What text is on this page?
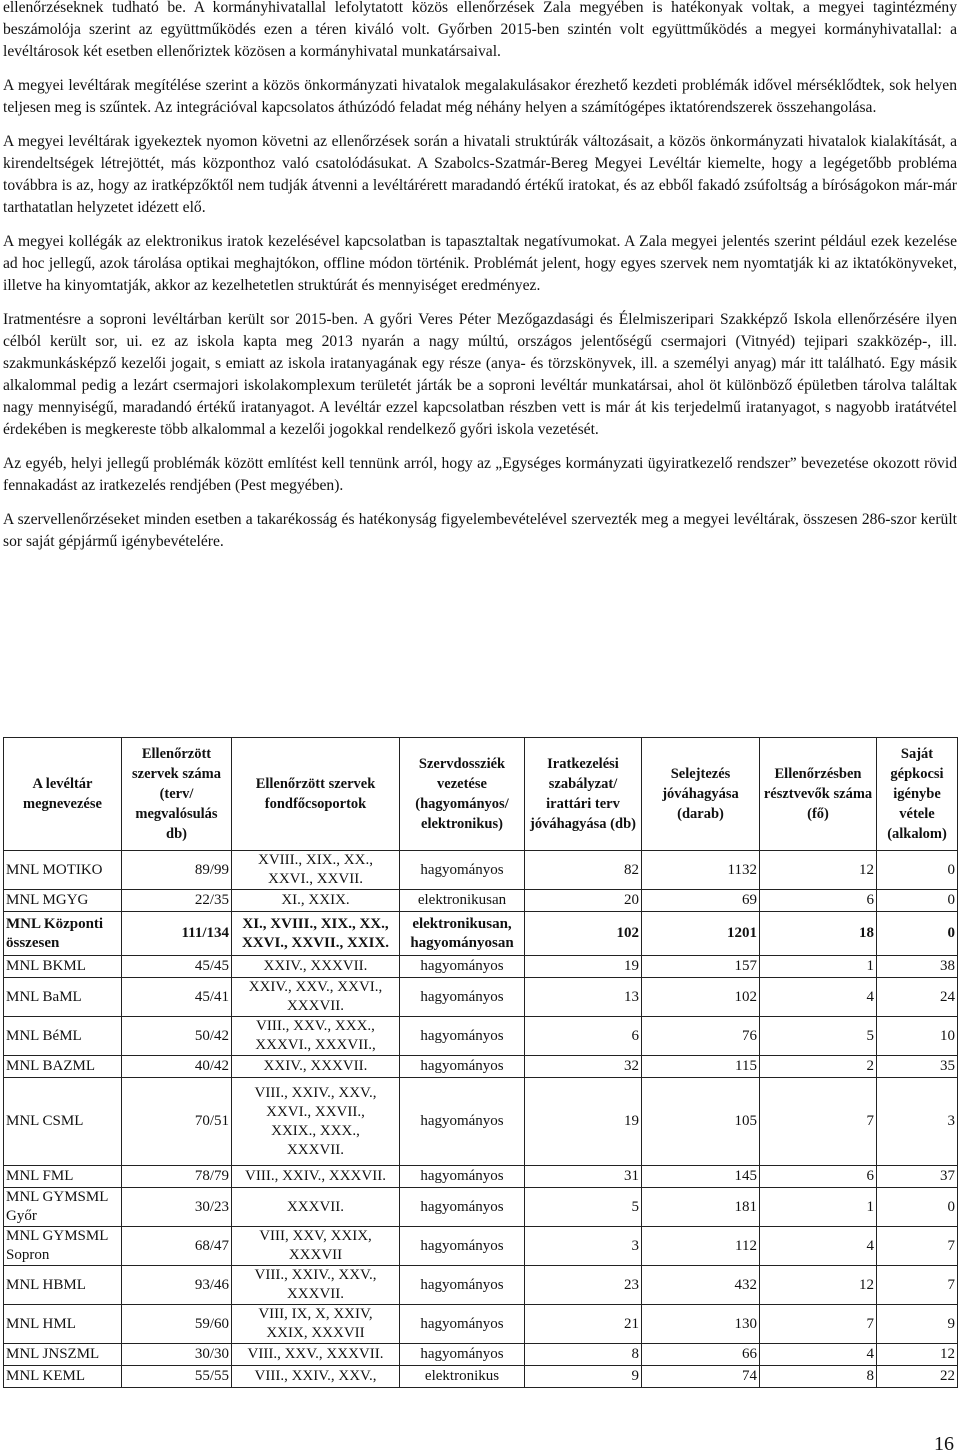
ellenőrzéseknek tudható be. A kormányhivatallal lefolytatott közös ellenőrzések Zala megyében is hatékonyak voltak, a megyei tagintézmény beszámolója szerint az együttműködés ezen a téren kiváló volt. Győrben 2015-ben szintén volt együttműködés a megyei kormányhivatallal: a levéltárosok két esetben ellenőriztek közösen a kormányhivatal munkatársaival.

A megyei levéltárak megítélése szerint a közös önkormányzati hivatalok megalakulásakor érezhető kezdeti problémák idővel mérséklődtek, sok helyen teljesen meg is szűntek. Az integrációval kapcsolatos áthúzódó feladat még néhány helyen a számítógépes iktatórendszerek összehangolása.

A megyei levéltárak igyekeztek nyomon követni az ellenőrzések során a hivatali struktúrák változásait, a közös önkormányzati hivatalok kialakítását, a kirendeltségek létrejöttét, más központhoz való csatolódásukat. A Szabolcs-Szatmár-Bereg Megyei Levéltár kiemelte, hogy a legégetőbb probléma továbbra is az, hogy az iratképzőktől nem tudják átvenni a levéltárérett maradandó értékű iratokat, és az ebből fakadó zsúfoltság a bíróságokon már-már tarthatatlan helyzetet idézett elő.

A megyei kollégák az elektronikus iratok kezelésével kapcsolatban is tapasztaltak negatívumokat. A Zala megyei jelentés szerint például ezek kezelése ad hoc jellegű, azok tárolása optikai meghajtókon, offline módon történik. Problémát jelent, hogy egyes szervek nem nyomtatják ki az iktatókönyveket, illetve ha kinyomtatják, akkor az kezelhetetlen struktúrát és mennyiséget eredményez.

Iratmentésre a soproni levéltárban került sor 2015-ben. A győri Veres Péter Mezőgazdasági és Élelmiszeripari Szakképző Iskola ellenőrzésére ilyen célból került sor, ui. ez az iskola kapta meg 2013 nyarán a nagy múltú, országos jelentőségű csermajori (Vitnyéd) tejipari szakközép-, ill. szakmunkásképző kezelői jogait, s emiatt az iskola iratanyagának egy része (anya- és törzskönyvek, ill. a személyi anyag) már itt található. Egy másik alkalommal pedig a lezárt csermajori iskolakomplexum területét járták be a soproni levéltár munkatársai, ahol öt különböző épületben tárolva találtak nagy mennyiségű, maradandó értékű iratanyagot. A levéltár ezzel kapcsolatban részben vett is már át kis terjedelmű iratanyagot, s nagyobb iratátvétel érdekében is megkereste több alkalommal a kezelői jogokkal rendelkező győri iskola vezetését.

Az egyéb, helyi jellegű problémák között említést kell tennünk arról, hogy az „Egységes kormányzati ügyiratkezelő rendszer” bevezetése okozott rövid fennakadást az iratkezelés rendjében (Pest megyében).

A szervellenőrzéseket minden esetben a takarékosság és hatékonyság figyelembevételével szervezték meg a megyei levéltárak, összesen 286-szor került sor saját gépjármű igénybevételére.

A levéltár megnevezése	Ellenőrzött szervek száma (terv/ megvalósulás db)	Ellenőrzött szervek fondfőcsoportok	Szervdossziék vezetése (hagyományos/ elektronikus)	Iratkezelési szabályzat/ irattári terv jóváhagyása (db)	Selejtezés jóváhagyása (darab)	Ellenőrzésben résztvevők száma (fő)	Saját gépkocsi igénybe vétele (alkalom)
MNL MOTIKO	89/99	XVIII., XIX., XX.,
XXVI., XXVII.	hagyományos	82	1132	12	0
MNL MGYG	22/35	XI., XXIX.	elektronikusan	20	69	6	0
MNL Központi
összesen	111/134	XI., XVIII., XIX., XX.,
XXVI., XXVII., XXIX.	elektronikusan,
hagyományosan	102	1201	18	0
MNL BKML	45/45	XXIV., XXXVII.	hagyományos	19	157	1	38
MNL BaML	45/41	XXIV., XXV., XXVI.,
XXXVII.	hagyományos	13	102	4	24
MNL BéML	50/42	VIII., XXV., XXX.,
XXXVI., XXXVII.,	hagyományos	6	76	5	10
MNL BAZML	40/42	XXIV., XXXVII.	hagyományos	32	115	2	35
MNL CSML	70/51	VIII., XXIV., XXV.,
XXVI., XXVII.,
XXIX., XXX.,
XXXVII.	hagyományos	19	105	7	3
MNL FML	78/79	VIII., XXIV., XXXVII.	hagyományos	31	145	6	37
MNL GYMSML
Győr	30/23	XXXVII.	hagyományos	5	181	1	0
MNL GYMSML
Sopron	68/47	VIII, XXV, XXIX,
XXXVII	hagyományos	3	112	4	7
MNL HBML	93/46	VIII., XXIV., XXV.,
XXXVII.	hagyományos	23	432	12	7
MNL HML	59/60	VIII, IX, X, XXIV,
XXIX, XXXVII	hagyományos	21	130	7	9
MNL JNSZML	30/30	VIII., XXV., XXXVII.	hagyományos	8	66	4	12
MNL KEML	55/55	VIII., XXIV., XXV.,	elektronikus	9	74	8	22
16
